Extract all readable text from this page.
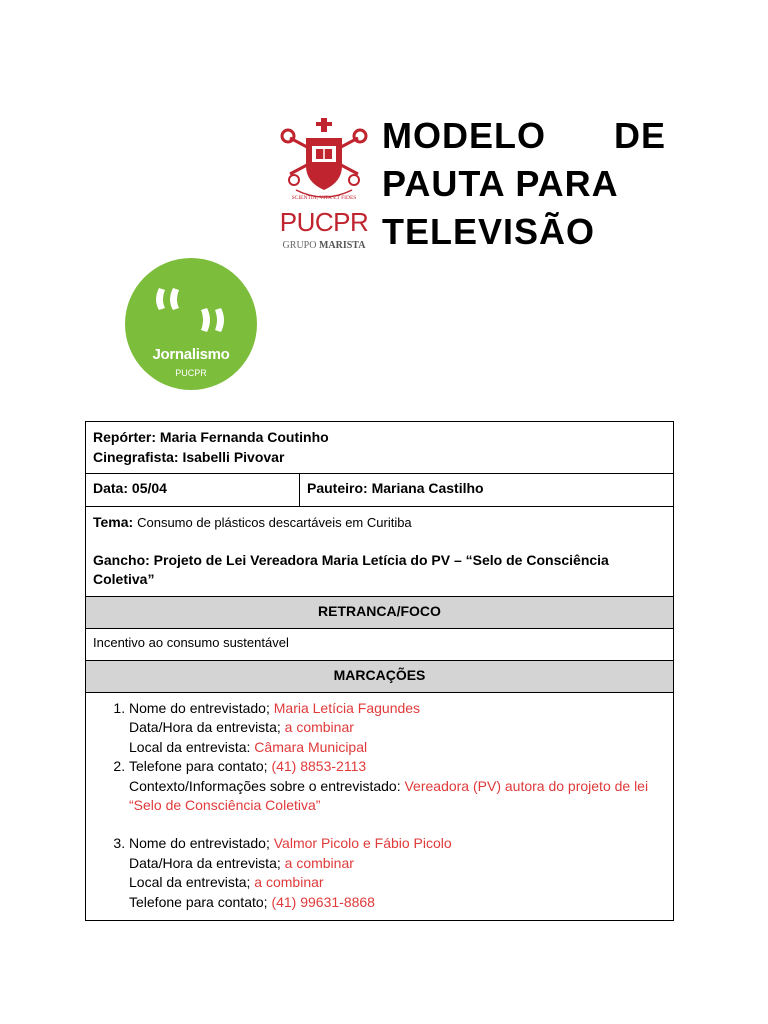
SCIENTIA, VITA ET FIDES
PUCPR
GRUPO MARISTA
MODELO DE
PAUTA PARA
TELEVISÃO
Jornalismo
PUCPR
Repórter: Maria Fernanda Coutinho
Cinegrafista: Isabelli Pivovar
Data: 05/04	Pauteiro: Mariana Castilho
Tema: Consumo de plásticos descartáveis em Curitiba
Gancho: Projeto de Lei Vereadora Maria Letícia do PV – “Selo de Consciência Coletiva”
RETRANCA/FOCO
Incentivo ao consumo sustentável
MARCAÇÕES
1. Nome do entrevistado; Maria Letícia Fagundes
Data/Hora da entrevista; a combinar
Local da entrevista: Câmara Municipal
2. Telefone para contato; (41) 8853-2113
Contexto/Informações sobre o entrevistado: Vereadora (PV) autora do projeto de lei “Selo de Consciência Coletiva”
3. Nome do entrevistado; Valmor Picolo e Fábio Picolo
Data/Hora da entrevista; a combinar
Local da entrevista; a combinar
Telefone para contato; (41) 99631-8868
